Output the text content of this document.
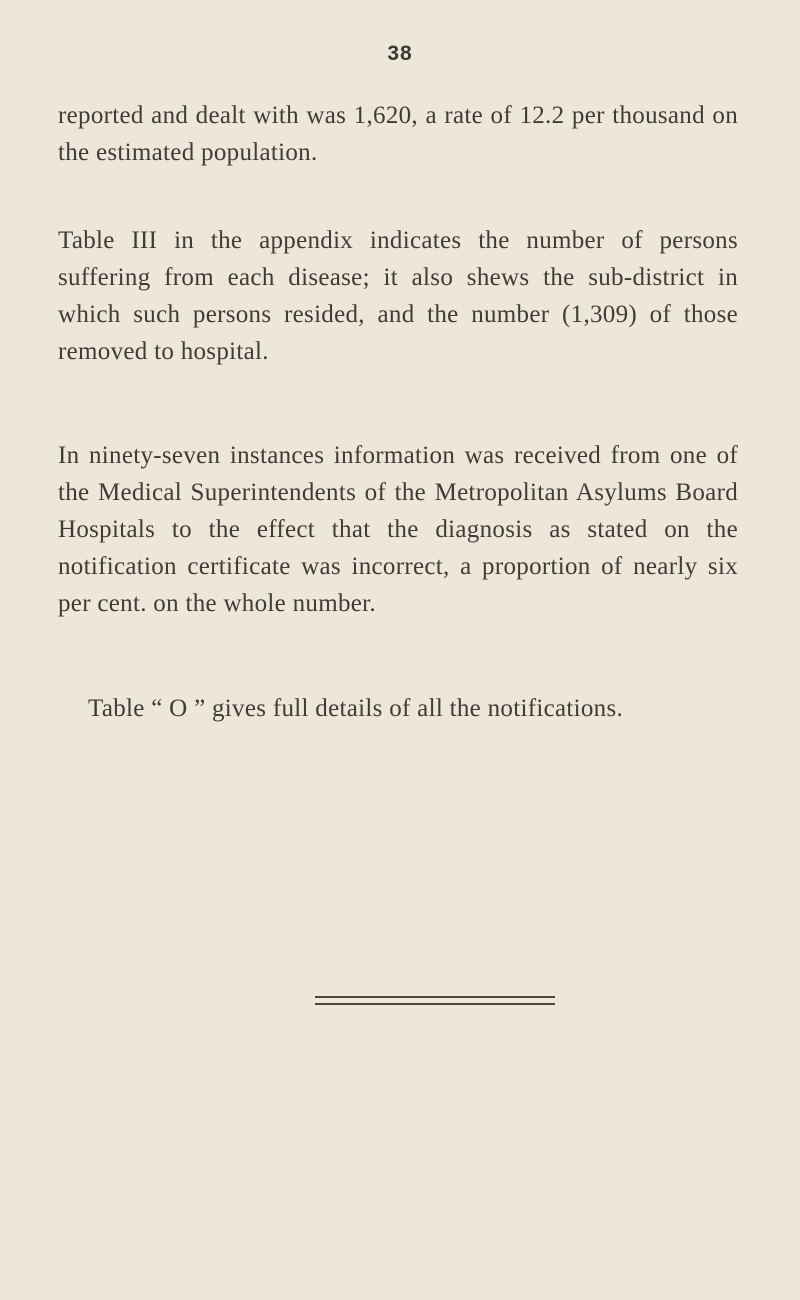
38

reported and dealt with was 1,620, a rate of 12.2 per thousand on the estimated population.

Table III in the appendix indicates the number of persons suffering from each disease; it also shews the sub-district in which such persons resided, and the number (1,309) of those removed to hospital.

In ninety-seven instances information was received from one of the Medical Superintendents of the Metropolitan Asylums Board Hospitals to the effect that the diagnosis as stated on the notification certificate was incorrect, a proportion of nearly six per cent. on the whole number.

Table “ O ” gives full details of all the notifications.
